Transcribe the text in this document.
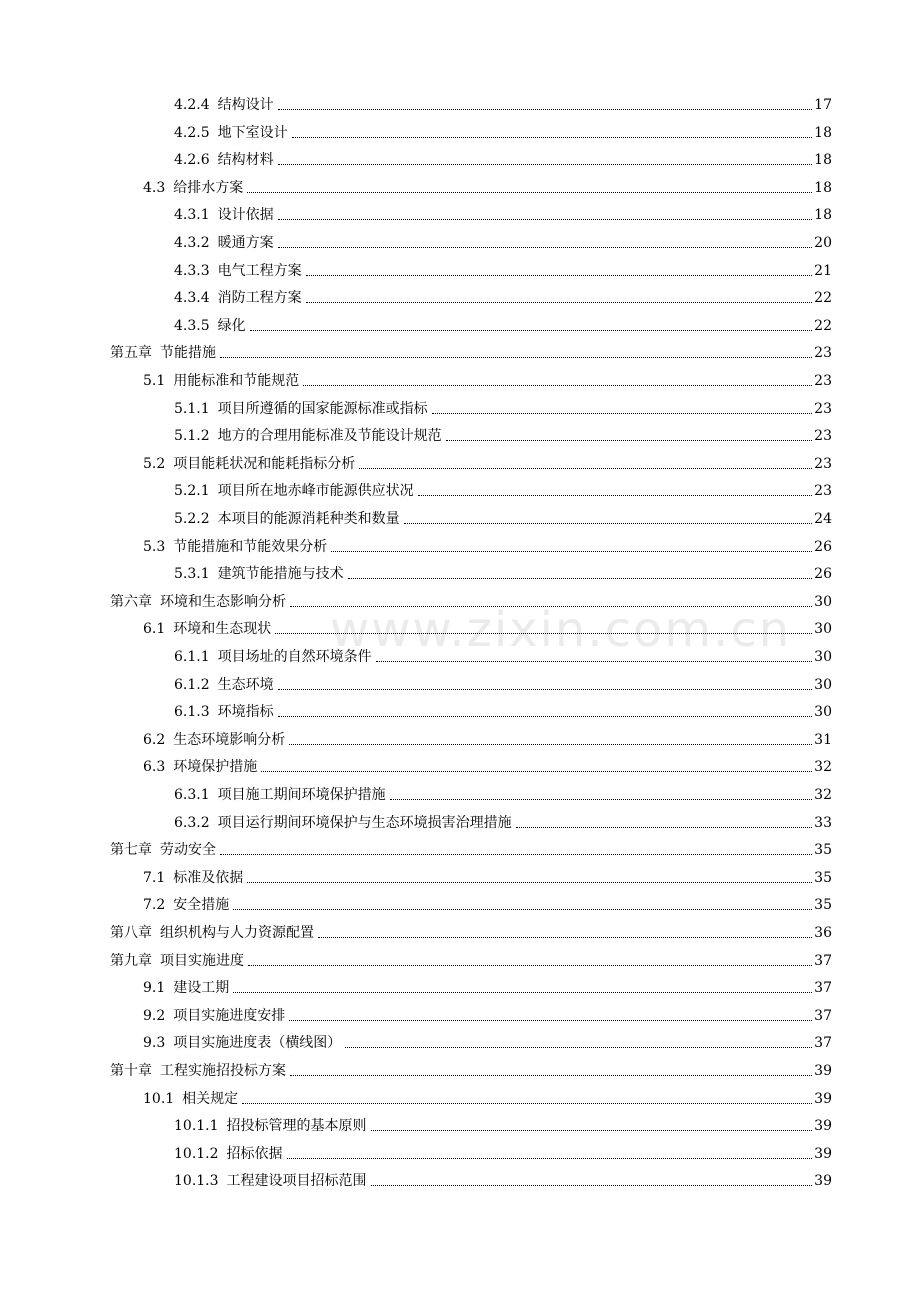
www.zixin.com.cn
4.2.4 结构设计	17
4.2.5 地下室设计	18
4.2.6 结构材料	18
4.3 给排水方案	18
4.3.1 设计依据	18
4.3.2 暖通方案	20
4.3.3 电气工程方案	21
4.3.4 消防工程方案	22
4.3.5 绿化	22
第五章 节能措施	23
5.1 用能标准和节能规范	23
5.1.1 项目所遵循的国家能源标准或指标	23
5.1.2 地方的合理用能标准及节能设计规范	23
5.2 项目能耗状况和能耗指标分析	23
5.2.1 项目所在地赤峰市能源供应状况	23
5.2.2 本项目的能源消耗种类和数量	24
5.3 节能措施和节能效果分析	26
5.3.1 建筑节能措施与技术	26
第六章 环境和生态影响分析	30
6.1 环境和生态现状	30
6.1.1 项目场址的自然环境条件	30
6.1.2 生态环境	30
6.1.3 环境指标	30
6.2 生态环境影响分析	31
6.3 环境保护措施	32
6.3.1 项目施工期间环境保护措施	32
6.3.2 项目运行期间环境保护与生态环境损害治理措施	33
第七章 劳动安全	35
7.1 标准及依据	35
7.2 安全措施	35
第八章 组织机构与人力资源配置	36
第九章 项目实施进度	37
9.1 建设工期	37
9.2 项目实施进度安排	37
9.3 项目实施进度表（横线图）	37
第十章 工程实施招投标方案	39
10.1 相关规定	39
10.1.1 招投标管理的基本原则	39
10.1.2 招标依据	39
10.1.3 工程建设项目招标范围	39
